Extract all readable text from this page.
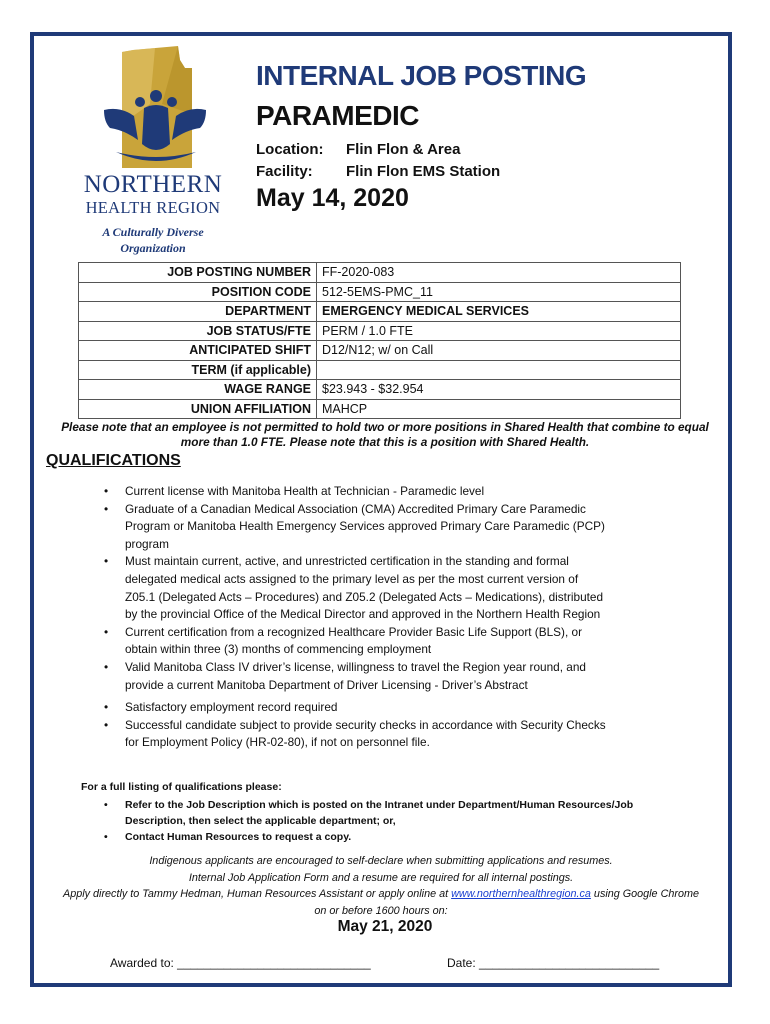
NORTHERN
HEALTH REGION
A Culturally Diverse Organization
INTERNAL JOB POSTING
PARAMEDIC
Location: Flin Flon & Area
Facility: Flin Flon EMS Station
May 14, 2020
JOB POSTING NUMBER	FF-2020-083
POSITION CODE	512-5EMS-PMC_11
DEPARTMENT	EMERGENCY MEDICAL SERVICES
JOB STATUS/FTE	PERM / 1.0 FTE
ANTICIPATED SHIFT	D12/N12; w/ on Call
TERM (if applicable)	
WAGE RANGE	$23.943 - $32.954
UNION AFFILIATION	MAHCP
Please note that an employee is not permitted to hold two or more positions in Shared Health that combine to equal more than 1.0 FTE. Please note that this is a position with Shared Health.
QUALIFICATIONS
• Current license with Manitoba Health at Technician - Paramedic level
• Graduate of a Canadian Medical Association (CMA) Accredited Primary Care Paramedic Program or Manitoba Health Emergency Services approved Primary Care Paramedic (PCP) program
• Must maintain current, active, and unrestricted certification in the standing and formal delegated medical acts assigned to the primary level as per the most current version of Z05.1 (Delegated Acts – Procedures) and Z05.2 (Delegated Acts – Medications), distributed by the provincial Office of the Medical Director and approved in the Northern Health Region
• Current certification from a recognized Healthcare Provider Basic Life Support (BLS), or obtain within three (3) months of commencing employment
• Valid Manitoba Class IV driver’s license, willingness to travel the Region year round, and provide a current Manitoba Department of Driver Licensing - Driver’s Abstract
• Satisfactory employment record required
• Successful candidate subject to provide security checks in accordance with Security Checks for Employment Policy (HR-02-80), if not on personnel file.
For a full listing of qualifications please:
• Refer to the Job Description which is posted on the Intranet under Department/Human Resources/Job Description, then select the applicable department; or,
• Contact Human Resources to request a copy.
Indigenous applicants are encouraged to self-declare when submitting applications and resumes.
Internal Job Application Form and a resume are required for all internal postings.
Apply directly to Tammy Hedman, Human Resources Assistant or apply online at www.northernhealthregion.ca using Google Chrome
on or before 1600 hours on:
May 21, 2020
Awarded to: _____________________________	Date: ___________________________
